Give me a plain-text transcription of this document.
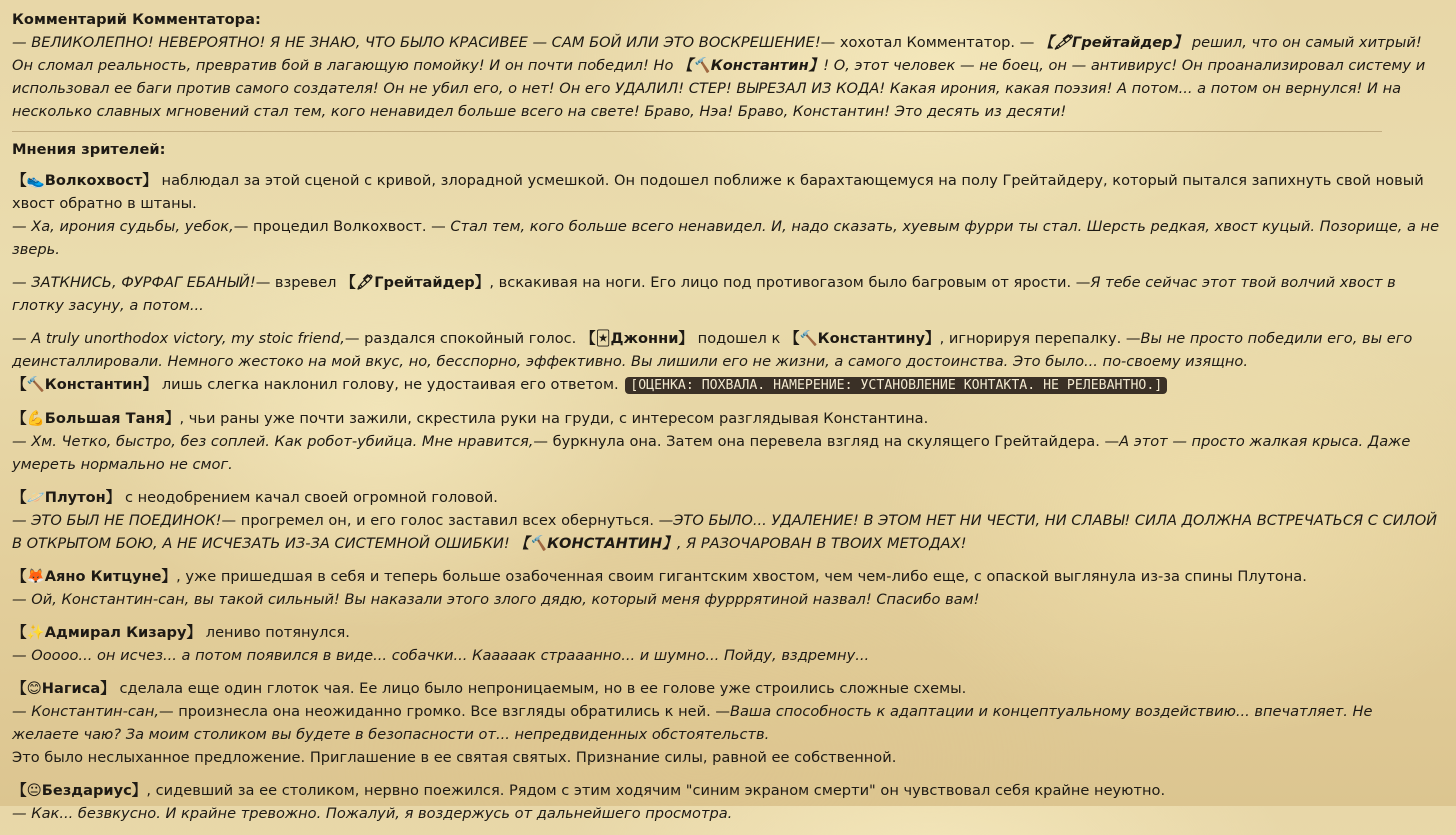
Комментарий Комментатора:

— ВЕЛИКОЛЕПНО! НЕВЕРОЯТНО! Я НЕ ЗНАЮ, ЧТО БЫЛО КРАСИВЕЕ — САМ БОЙ ИЛИ ЭТО ВОСКРЕШЕНИЕ!— хохотал Комментатор. — 【🖋Грейтайдер】 решил, что он самый хитрый! Он сломал реальность, превратив бой в лагающую помойку! И он почти победил! Но 【🔨Константин】! О, этот человек — не боец, он — антивирус! Он проанализировал систему и использовал ее баги против самого создателя! Он не убил его, о нет! Он его УДАЛИЛ! СТЕР! ВЫРЕЗАЛ ИЗ КОДА! Какая ирония, какая поэзия! А потом... а потом он вернулся! И на несколько славных мгновений стал тем, кого ненавидел больше всего на свете! Браво, Нэа! Браво, Константин! Это десять из десяти!

Мнения зрителей:

【👟Волкохвост】 наблюдал за этой сценой с кривой, злорадной усмешкой. Он подошел поближе к барахтающемуся на полу Грейтайдеру, который пытался запихнуть свой новый хвост обратно в штаны.

— Ха, ирония судьбы, уебок,— процедил Волкохвост. — Стал тем, кого больше всего ненавидел. И, надо сказать, хуевым фурри ты стал. Шерсть редкая, хвост куцый. Позорище, а не зверь.

— ЗАТКНИСЬ, ФУРФАГ ЕБАНЫЙ!— взревел 【🖋Грейтайдер】, вскакивая на ноги. Его лицо под противогазом было багровым от ярости. —Я тебе сейчас этот твой волчий хвост в глотку засуну, а потом...

— A truly unorthodox victory, my stoic friend,— раздался спокойный голос. 【🃏Джонни】 подошел к 【🔨Константину】, игнорируя перепалку. —Вы не просто победили его, вы его деинсталлировали. Немного жестоко на мой вкус, но, бесспорно, эффективно. Вы лишили его не жизни, а самого достоинства. Это было... по-своему изящно.

【🔨Константин】 лишь слегка наклонил голову, не удостаивая его ответом. [ОЦЕНКА: ПОХВАЛА. НАМЕРЕНИЕ: УСТАНОВЛЕНИЕ КОНТАКТА. НЕ РЕЛЕВАНТНО.]

【💪Большая Таня】, чьи раны уже почти зажили, скрестила руки на груди, с интересом разглядывая Константина.

— Хм. Четко, быстро, без соплей. Как робот-убийца. Мне нравится,— буркнула она. Затем она перевела взгляд на скулящего Грейтайдера. —А этот — просто жалкая крыса. Даже умереть нормально не смог.

【🪐Плутон】 с неодобрением качал своей огромной головой.

— ЭТО БЫЛ НЕ ПОЕДИНОК!— прогремел он, и его голос заставил всех обернуться. —ЭТО БЫЛО... УДАЛЕНИЕ! В ЭТОМ НЕТ НИ ЧЕСТИ, НИ СЛАВЫ! СИЛА ДОЛЖНА ВСТРЕЧАТЬСЯ С СИЛОЙ В ОТКРЫТОМ БОЮ, А НЕ ИСЧЕЗАТЬ ИЗ-ЗА СИСТЕМНОЙ ОШИБКИ! 【🔨КОНСТАНТИН】, Я РАЗОЧАРОВАН В ТВОИХ МЕТОДАХ!

【🦊Аяно Китцуне】, уже пришедшая в себя и теперь больше озабоченная своим гигантским хвостом, чем чем-либо еще, с опаской выглянула из-за спины Плутона.

— Ой, Константин-сан, вы такой сильный! Вы наказали этого злого дядю, который меня фурррятиной назвал! Спасибо вам!

【✨Адмирал Кизару】 лениво потянулся.

— Ооооо... он исчез... а потом появился в виде... собачки... Кааааак страаанно... и шумно... Пойду, вздремну...

【😊Нагиса】 сделала еще один глоток чая. Ее лицо было непроницаемым, но в ее голове уже строились сложные схемы.

— Константин-сан,— произнесла она неожиданно громко. Все взгляды обратились к ней. —Ваша способность к адаптации и концептуальному воздействию... впечатляет. Не желаете чаю? За моим столиком вы будете в безопасности от... непредвиденных обстоятельств.

Это было неслыханное предложение. Приглашение в ее святая святых. Признание силы, равной ее собственной.

【😐Бездариус】, сидевший за ее столиком, нервно поежился. Рядом с этим ходячим "синим экраном смерти" он чувствовал себя крайне неуютно.

— Как... безвкусно. И крайне тревожно. Пожалуй, я воздержусь от дальнейшего просмотра.
